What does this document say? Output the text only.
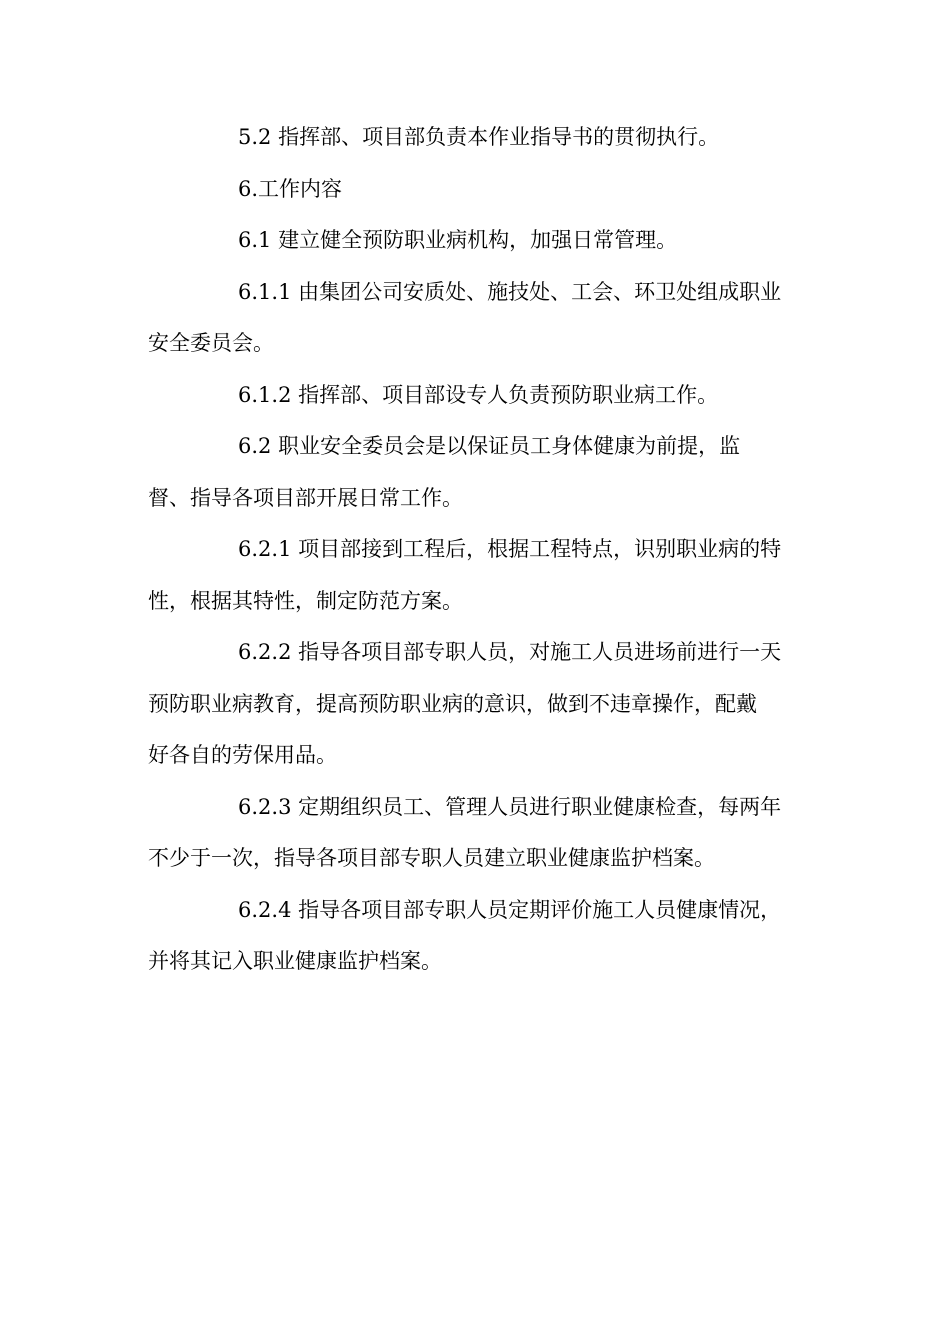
5.2 指挥部、项目部负责本作业指导书的贯彻执行。

6.工作内容

6.1 建立健全预防职业病机构，加强日常管理。

6.1.1 由集团公司安质处、施技处、工会、环卫处组成职业
安全委员会。

6.1.2 指挥部、项目部设专人负责预防职业病工作。

6.2 职业安全委员会是以保证员工身体健康为前提，监
督、指导各项目部开展日常工作。

6.2.1 项目部接到工程后，根据工程特点，识别职业病的特
性，根据其特性，制定防范方案。

6.2.2 指导各项目部专职人员，对施工人员进场前进行一天
预防职业病教育，提高预防职业病的意识，做到不违章操作，配戴
好各自的劳保用品。

6.2.3 定期组织员工、管理人员进行职业健康检查，每两年
不少于一次，指导各项目部专职人员建立职业健康监护档案。

6.2.4 指导各项目部专职人员定期评价施工人员健康情况，
并将其记入职业健康监护档案。
